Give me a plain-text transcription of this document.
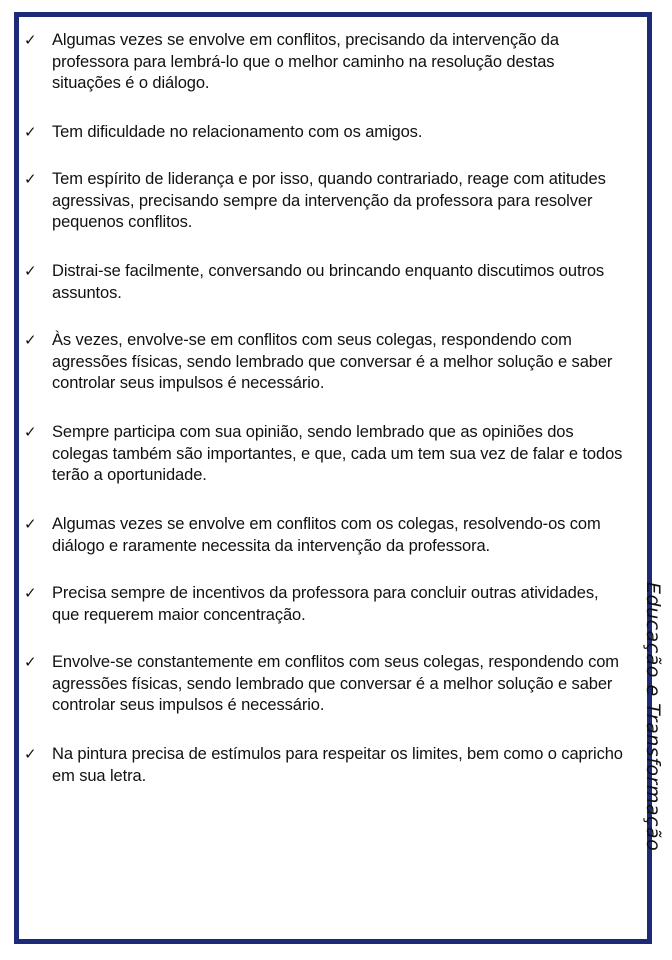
✓ Algumas vezes se envolve em conflitos, precisando da intervenção da professora para lembrá-lo que o melhor caminho na resolução destas situações é o diálogo.
✓ Tem dificuldade no relacionamento com os amigos.
✓ Tem espírito de liderança e por isso, quando contrariado, reage com atitudes agressivas, precisando sempre da intervenção da professora para resolver pequenos conflitos.
✓ Distrai-se facilmente, conversando ou brincando enquanto discutimos outros assuntos.
✓ Às vezes, envolve-se em conflitos com seus colegas, respondendo com agressões físicas, sendo lembrado que conversar é a melhor solução e saber controlar seus impulsos é necessário.
✓ Sempre participa com sua opinião, sendo lembrado que as opiniões dos colegas também são importantes, e que, cada um tem sua vez de falar e todos terão a oportunidade.
✓ Algumas vezes se envolve em conflitos com os colegas, resolvendo-os com diálogo e raramente necessita da intervenção da professora.
✓ Precisa sempre de incentivos da professora para concluir outras atividades, que requerem maior concentração.
✓ Envolve-se constantemente em conflitos com seus colegas, respondendo com agressões físicas, sendo lembrado que conversar é a melhor solução e saber controlar seus impulsos é necessário.
✓ Na pintura precisa de estímulos para respeitar os limites, bem como o capricho em sua letra.	Educação e Transformação
